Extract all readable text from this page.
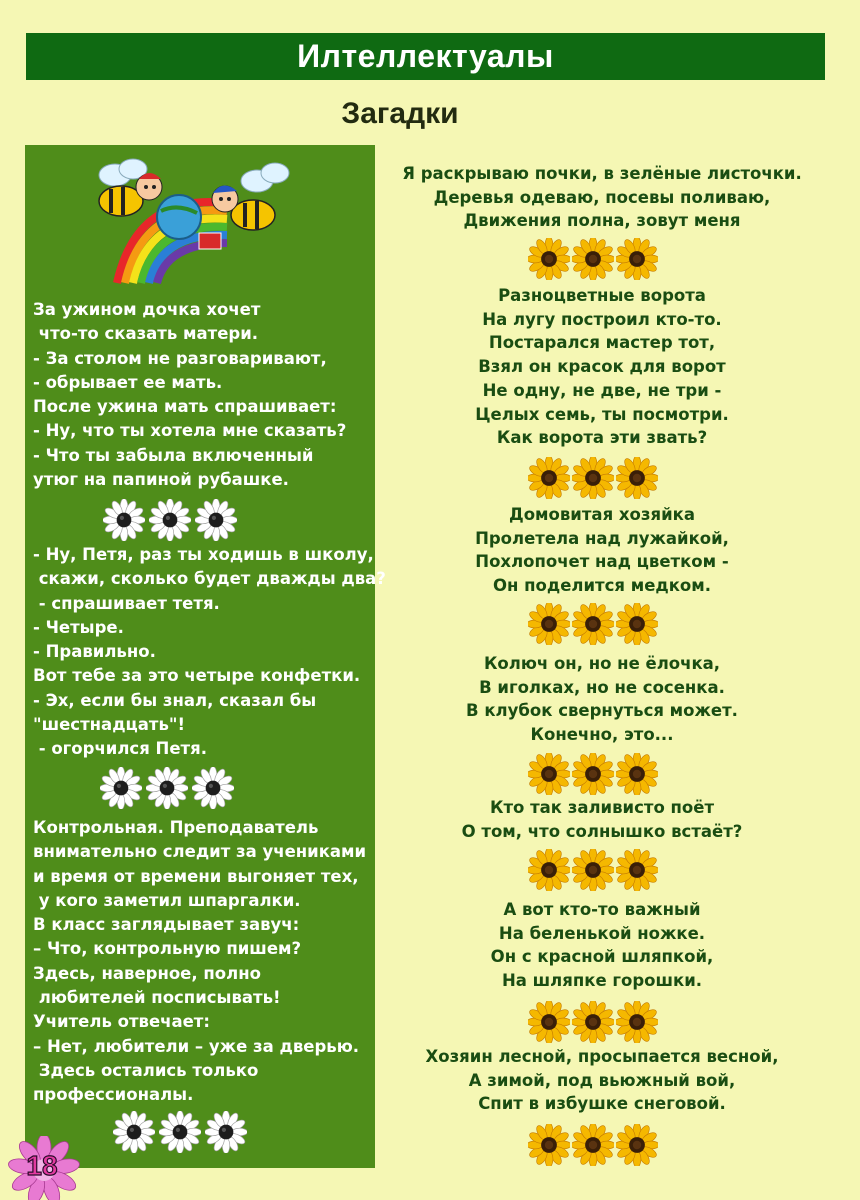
Илтеллектуалы
Загадки

За ужином дочка хочет
что-то сказать матери.
- За столом не разговаривают,
- обрывает ее мать.
После ужина мать спрашивает:
- Ну, что ты хотела мне сказать?
- Что ты забыла включенный
утюг на папиной рубашке.

- Ну, Петя, раз ты ходишь в школу,
скажи, сколько будет дважды два?
- спрашивает тетя.
- Четыре.
- Правильно.
Вот тебе за это четыре конфетки.
- Эх, если бы знал, сказал бы
"шестнадцать"!
- огорчился Петя.

Контрольная. Преподаватель
внимательно следит за учениками
и время от времени выгоняет тех,
у кого заметил шпаргалки.
В класс заглядывает завуч:
– Что, контрольную пишем?
Здесь, наверное, полно
любителей посписывать!
Учитель отвечает:
– Нет, любители – уже за дверью.
Здесь остались только
профессионалы.

Я раскрываю почки, в зелёные листочки.
Деревья одеваю, посевы поливаю,
Движения полна, зовут меня

Разноцветные ворота
На лугу построил кто-то.
Постарался мастер тот,
Взял он красок для ворот
Не одну, не две, не три -
Целых семь, ты посмотри.
Как ворота эти звать?

Домовитая хозяйка
Пролетела над лужайкой,
Похлопочет над цветком -
Он поделится медком.

Колюч он, но не ёлочка,
В иголках, но не сосенка.
В клубок свернуться может.
Конечно, это...

Кто так заливисто поёт
О том, что солнышко встаёт?

А вот кто-то важный
На беленькой ножке.
Он с красной шляпкой,
На шляпке горошки.

Хозяин лесной, просыпается весной,
А зимой, под вьюжный вой,
Спит в избушке снеговой.

18
